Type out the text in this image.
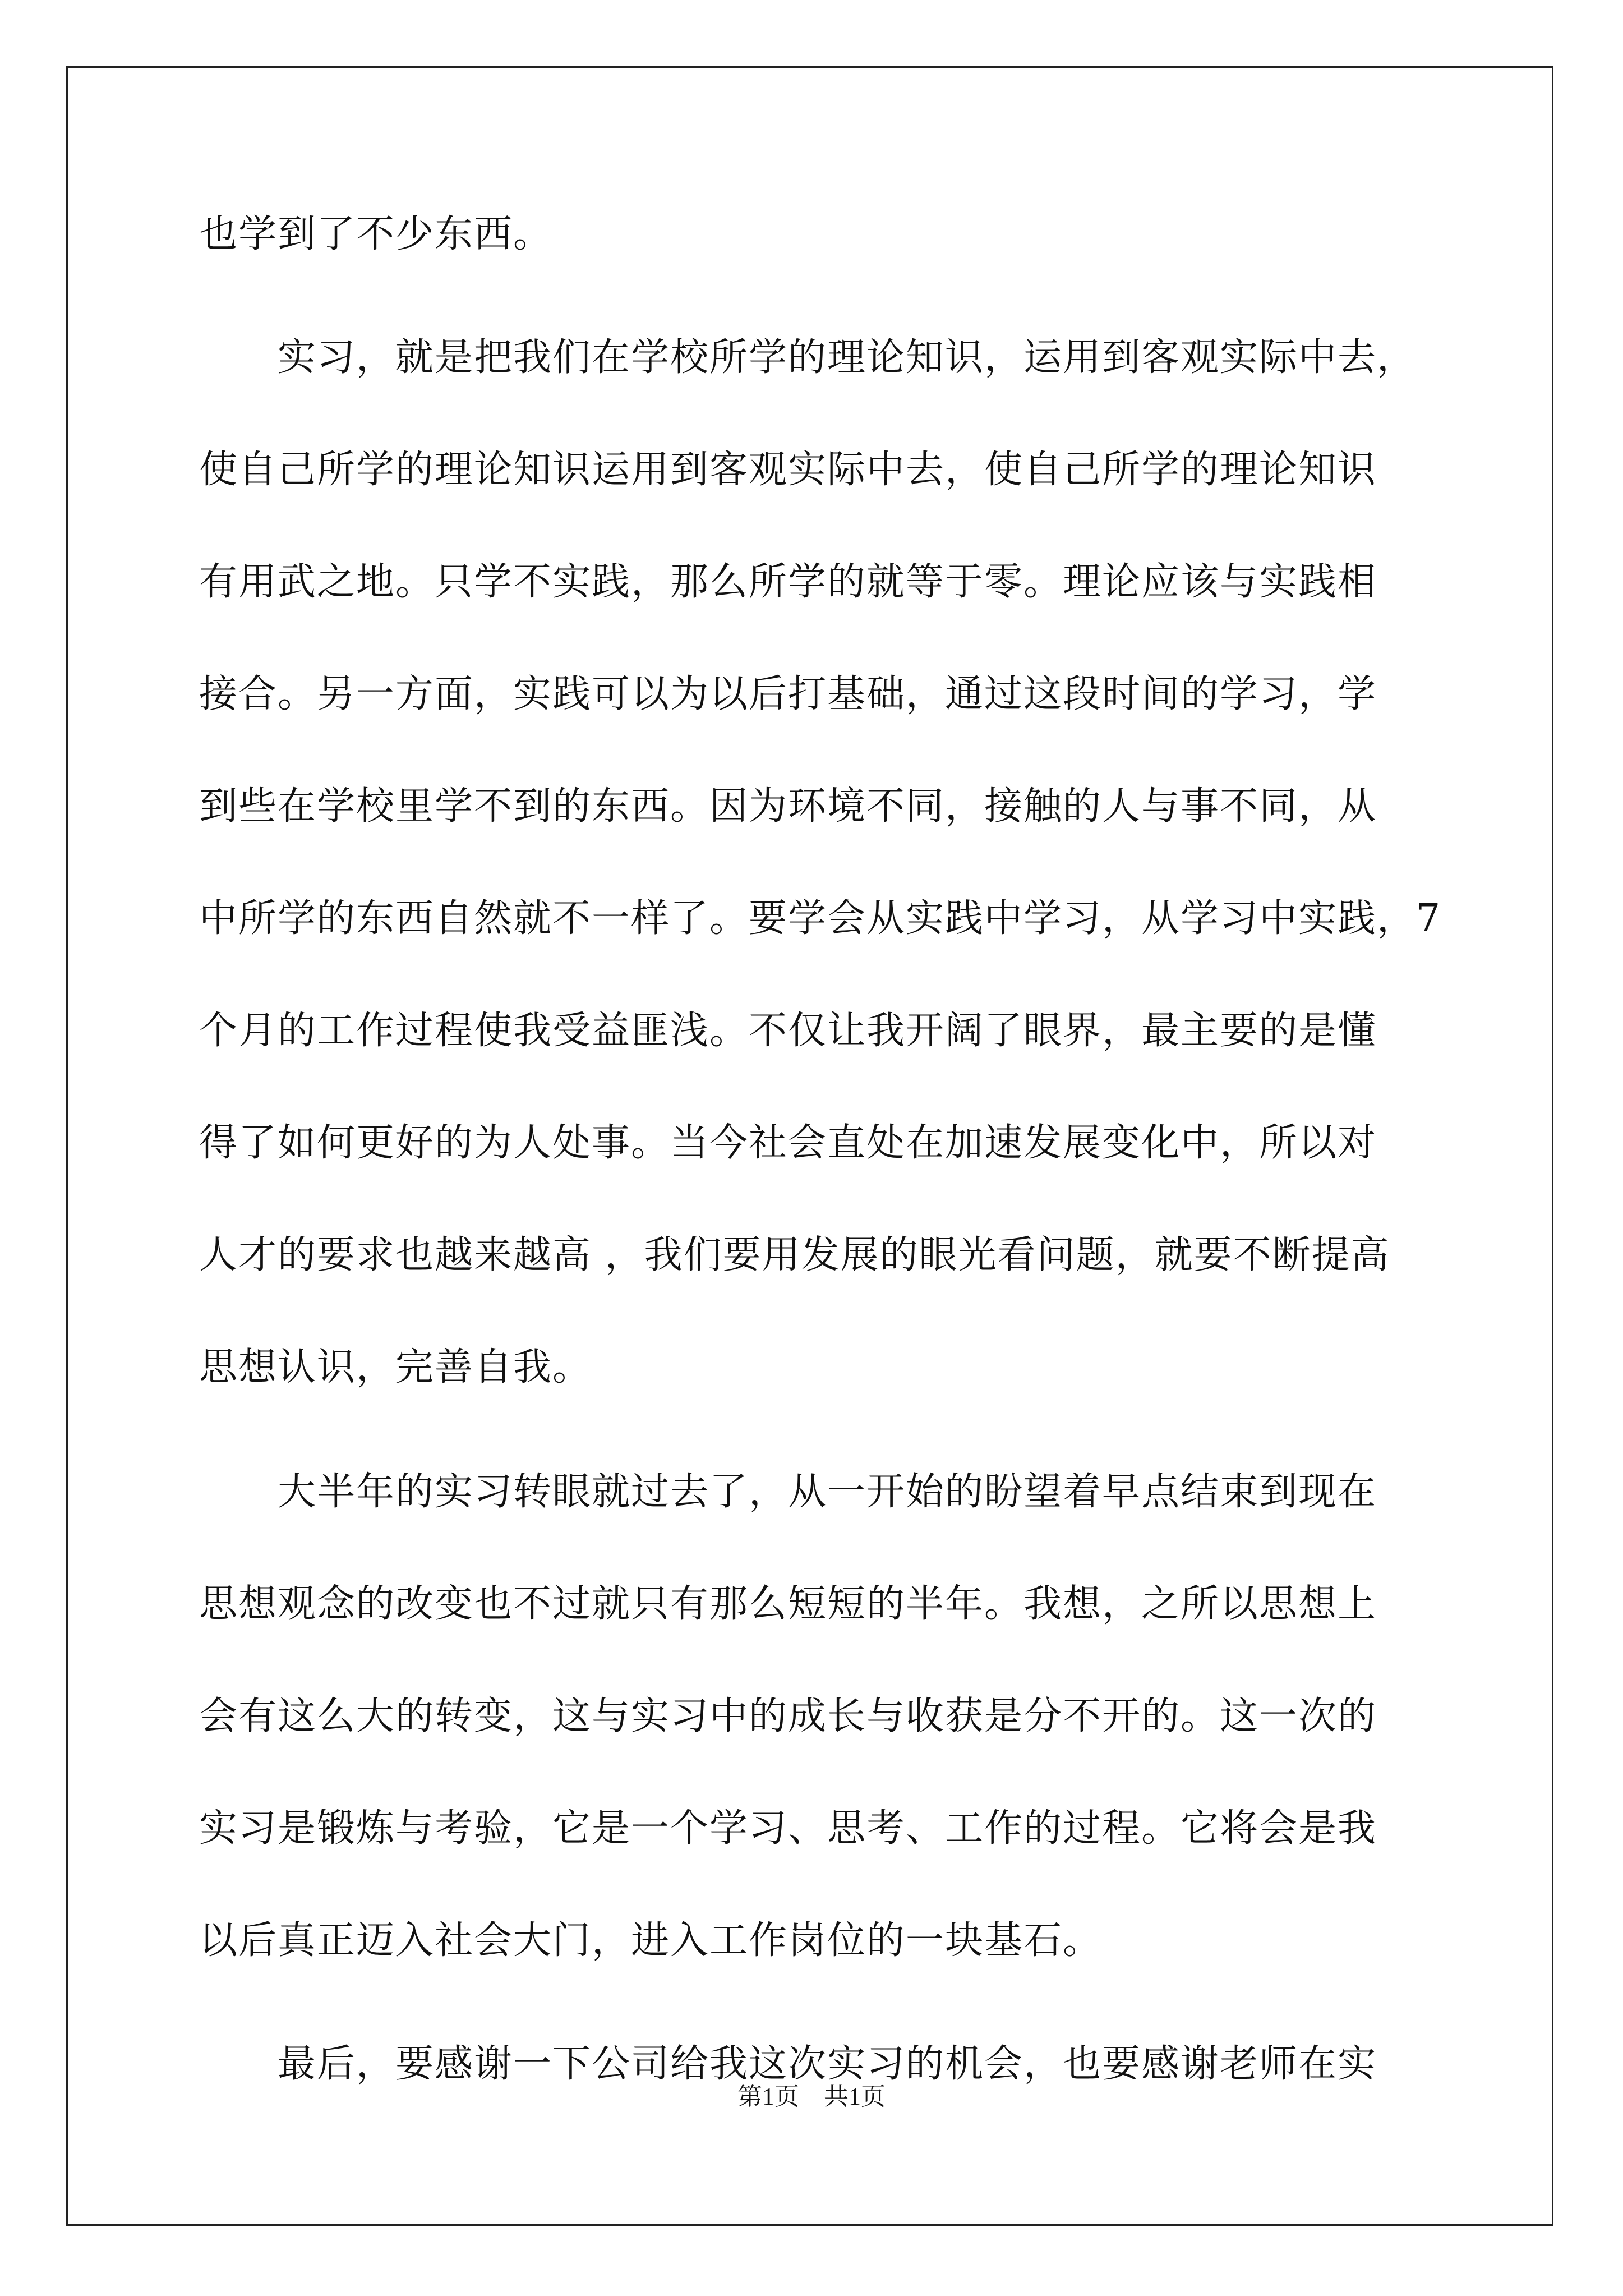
也学到了不少东西。
　　实习，就是把我们在学校所学的理论知识，运用到客观实际中去，
使自己所学的理论知识运用到客观实际中去，使自己所学的理论知识
有用武之地。只学不实践，那么所学的就等于零。理论应该与实践相
接合。另一方面，实践可以为以后打基础，通过这段时间的学习，学
到些在学校里学不到的东西。因为环境不同，接触的人与事不同，从
中所学的东西自然就不一样了。要学会从实践中学习，从学习中实践，7
个月的工作过程使我受益匪浅。不仅让我开阔了眼界，最主要的是懂
得了如何更好的为人处事。当今社会直处在加速发展变化中，所以对
人才的要求也越来越高 ，我们要用发展的眼光看问题，就要不断提高
思想认识，完善自我。
　　大半年的实习转眼就过去了，从一开始的盼望着早点结束到现在
思想观念的改变也不过就只有那么短短的半年。我想，之所以思想上
会有这么大的转变，这与实习中的成长与收获是分不开的。这一次的
实习是锻炼与考验，它是一个学习、思考、工作的过程。它将会是我
以后真正迈入社会大门，进入工作岗位的一块基石。
　　最后，要感谢一下公司给我这次实习的机会，也要感谢老师在实
第1页　共1页
